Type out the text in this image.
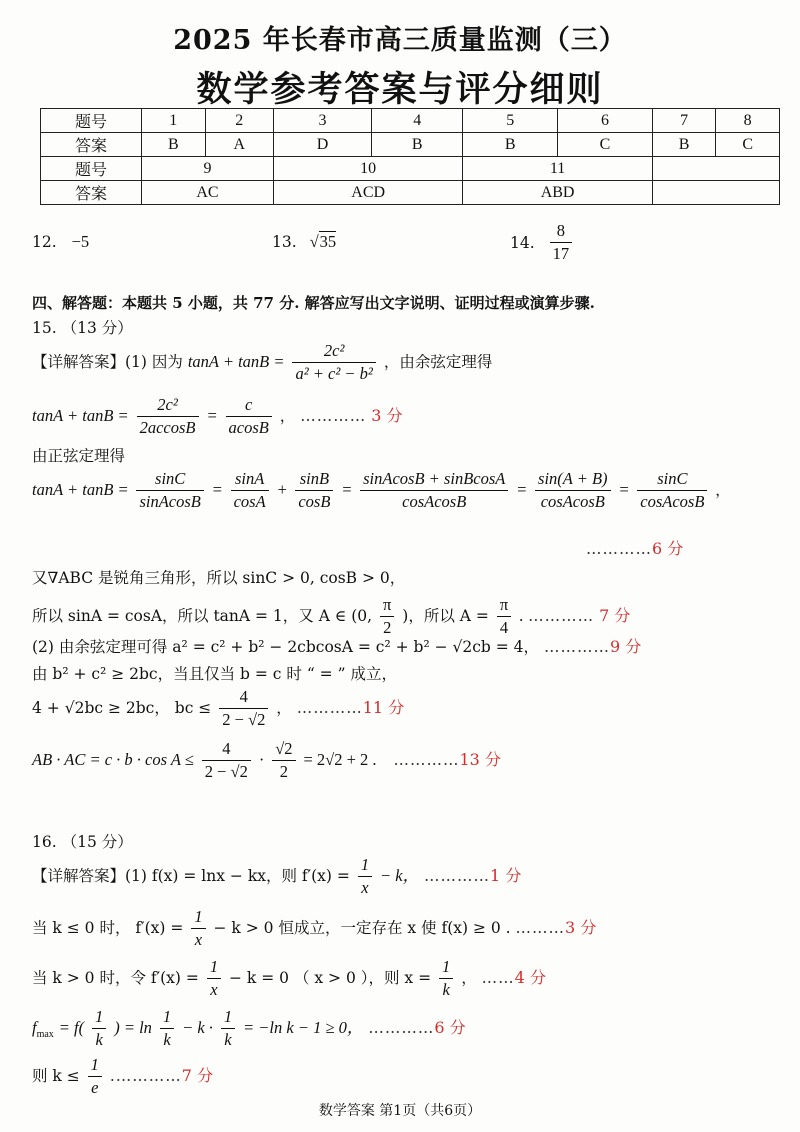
2025 年长春市高三质量监测（三）
数学参考答案与评分细则
题号	1	2	3	4	5	6	7	8
答案	B	A	D	B	B	C	B	C
题号	9		10		11			
答案	AC		ACD		ABD			
12. −5	13. √35	14. $\frac{8}{17}$
四、解答题：本题共 5 小题，共 77 分. 解答应写出文字说明、证明过程或演算步骤.
15. （13 分）
【详解答案】(1) 因为 $\tan A + \tan B = \frac{\text{2c²}}{\text{a² + c² − b²}}$ ，由余弦定理得
$\tan A + \tan B = \frac{\text{2c²}}{2accosB} = \frac{c}{acosB}$ ， ………… 3 分
由正弦定理得
$\tan A + \tan B = \frac{\sin C}{\text{sinAcosB}} = \frac{\sin A}{\cos A} + \frac{\sin B}{\cos B} = \frac{\text{sinAcosB + sinBcosA}}{\text{cosAcosB}} = \frac{\sin(A + B)}{\text{cosAcosB}} = \frac{\sin C}{\text{cosAcosB}}$ ，
…………6 分
又∇ABC 是锐角三角形，所以 sinC > 0, cosB > 0，
所以 sinA = cosA，所以 tanA = 1，又 A ∈ (0, $\frac{\pi}{2}$ )，所以 $A = \frac{\pi}{4}$ . ………… 7 分
(2) 由余弦定理可得 a² = c² + b² − 2cbcosA = c² + b² − √2cb = 4， …………9 分
由 b² + c² ≥ 2bc，当且仅当 b = c 时 “ = ” 成立，
4 + √2bc ≥ 2bc， bc ≤ $\frac{4}{2 - √2}$ ， …………11 分
AB · AC = $c \cdot b \cdot \cos A \le \frac{4}{2 - √2} \cdot \frac{√2}{2} = 2√2 + 2$ . …………13 分
16. （15 分）
【详解答案】(1) f(x) = lnx − kx，则 $f'(x) = \frac{1}{x} - k$， …………1 分
当 k ≤ 0 时， $f'(x) = \frac{1}{x} - k > 0$ 恒成立，一定存在 x 使 f(x) ≥ 0 . ………3 分
当 k > 0 时，令 $f'(x) = \frac{1}{x} - k = 0$ （ x > 0 ），则 $x = \frac{1}{k}$ ， ……4 分
$f_{max} = f( \frac{1}{k}$ ) = $\ln \frac{1}{k} - k \cdot \frac{1}{k} = -\ln$ k − 1 ≥ 0， …………6 分
则 $k \le \frac{1}{e}$ .…………7 分
数学答案 第1页（共6页）
